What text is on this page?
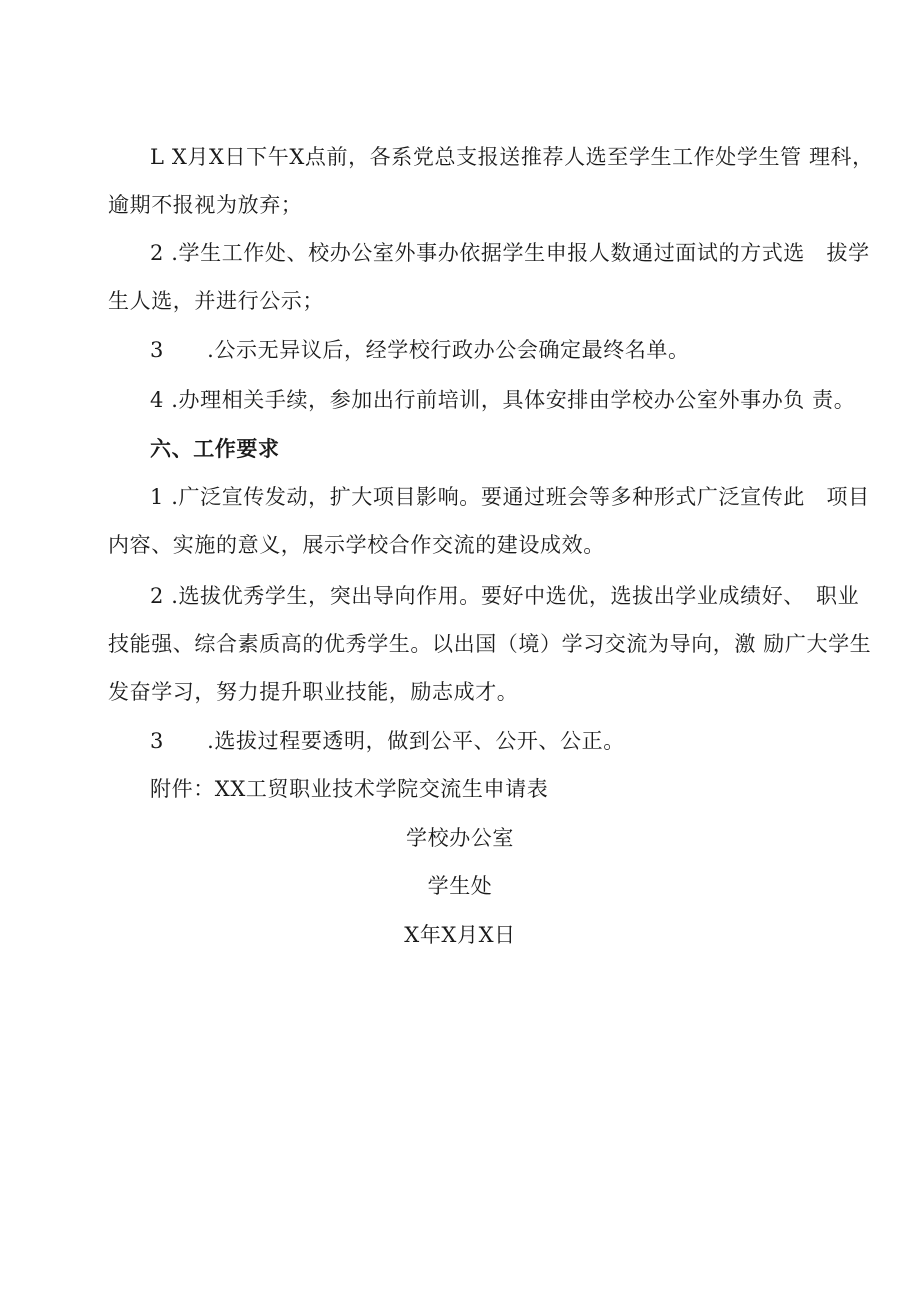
L X月X日下午X点前，各系党总支报送推荐人选至学生工作处学生管 理科，逾期不报视为放弃；

2 .学生工作处、校办公室外事办依据学生申报人数通过面试的方式选　拔学生人选，并进行公示；

3　　.公示无异议后，经学校行政办公会确定最终名单。

4 .办理相关手续，参加出行前培训，具体安排由学校办公室外事办负 责。

六、工作要求

1 .广泛宣传发动，扩大项目影响。要通过班会等多种形式广泛宣传此　项目内容、实施的意义，展示学校合作交流的建设成效。

2 .选拔优秀学生，突出导向作用。要好中选优，选拔出学业成绩好、　职业技能强、综合素质高的优秀学生。以出国（境）学习交流为导向，激 励广大学生发奋学习，努力提升职业技能，励志成才。

3　　.选拔过程要透明，做到公平、公开、公正。

附件：XX工贸职业技术学院交流生申请表

学校办公室

学生处

X年X月X日
